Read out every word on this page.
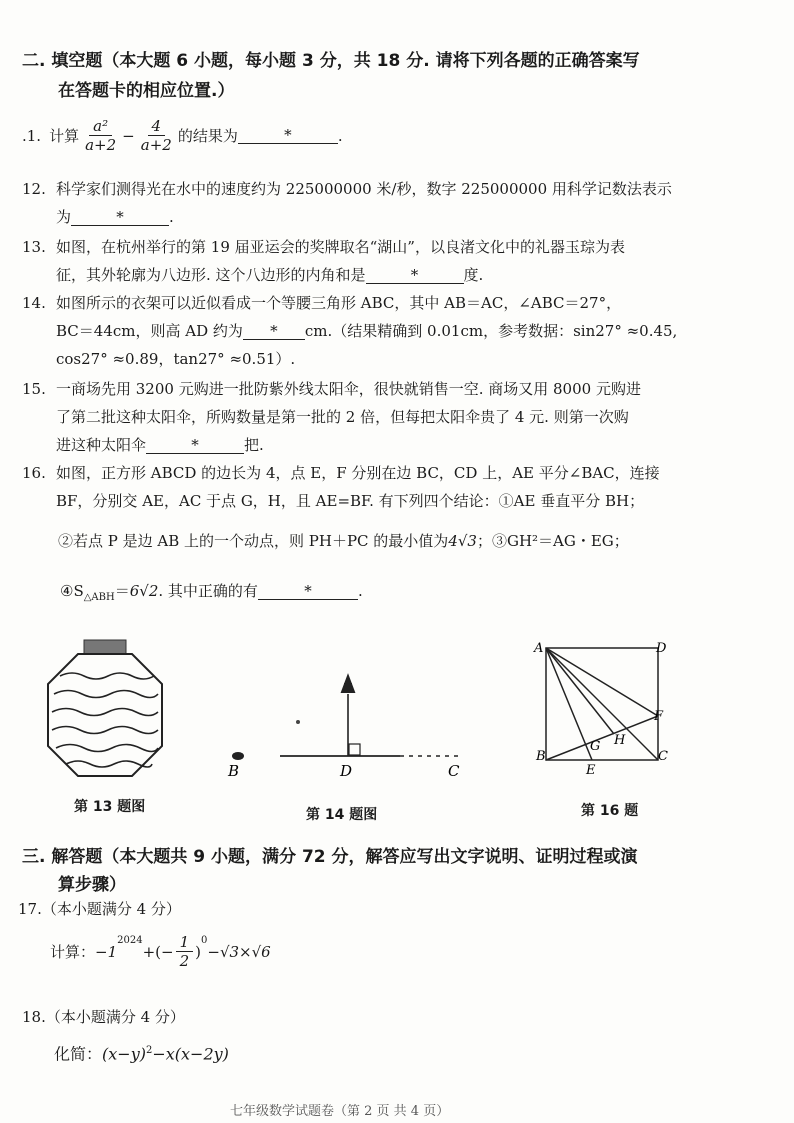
二. 填空题（本大题 6 小题，每小题 3 分，共 18 分. 请将下列各题的正确答案写
在答题卡的相应位置.）
.1. 计算 $\frac{\text{a²}}{a+2} - \frac{4}{a+2}$ 的结果为	*	.
12. 科学家们测得光在水中的速度约为 225000000 米/秒，数字 225000000 用科学记数法表示
为	*	.
13. 如图，在杭州举行的第 19 届亚运会的奖牌取名“湖山”，以良渚文化中的礼器玉琮为表
征，其外轮廓为八边形. 这个八边形的内角和是	*	度.
14. 如图所示的衣架可以近似看成一个等腰三角形 ABC，其中 AB＝AC，∠ABC＝27°，
BC＝44cm，则高 AD 约为 * cm.（结果精确到 0.01cm，参考数据：sin27° ≈0.45,
cos27° ≈0.89，tan27° ≈0.51）.
15. 一商场先用 3200 元购进一批防紫外线太阳伞，很快就销售一空. 商场又用 8000 元购进
了第二批这种太阳伞，所购数量是第一批的 2 倍，但每把太阳伞贵了 4 元. 则第一次购
进这种太阳伞	*	把.
16. 如图，正方形 ABCD 的边长为 4，点 E，F 分别在边 BC，CD 上，AE 平分∠BAC，连接
BF，分别交 AE，AC 于点 G，H，且 AE=BF. 有下列四个结论：①AE 垂直平分 BH；
②若点 P 是边 AB 上的一个动点，则 PH＋PC 的最小值为4√3；③GH²＝AG・EG；
$④S_{\triangle ABH}=6√2$. 其中正确的有	*	.
第 13 题图
B	D	C
第 14 题图
A	D
F
H
G
B
E
C
第 16 题
三. 解答题（本大题共 9 小题，满分 72 分，解答应写出文字说明、证明过程或演
算步骤）
17.（本小题满分 4 分）
计算： −1
$^{2024}$
+(− $\frac{1}{2}$ )
$^0$
−√3×√6
18.（本小题满分 4 分）
化简：$(x-y)^2-x(x-2y)$
七年级数学试题卷（第 2 页 共 4 页）
